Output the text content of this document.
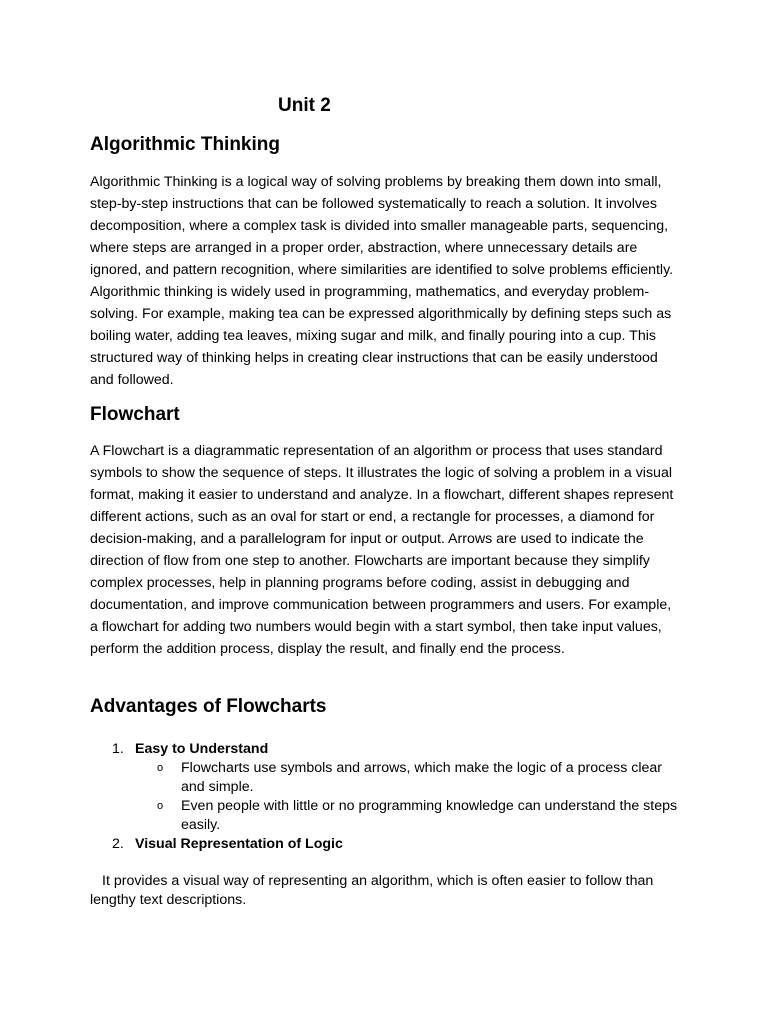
Unit 2
Algorithmic Thinking

Algorithmic Thinking is a logical way of solving problems by breaking them down into small, step-by-step instructions that can be followed systematically to reach a solution. It involves decomposition, where a complex task is divided into smaller manageable parts, sequencing, where steps are arranged in a proper order, abstraction, where unnecessary details are ignored, and pattern recognition, where similarities are identified to solve problems efficiently. Algorithmic thinking is widely used in programming, mathematics, and everyday problem-solving. For example, making tea can be expressed algorithmically by defining steps such as boiling water, adding tea leaves, mixing sugar and milk, and finally pouring into a cup. This structured way of thinking helps in creating clear instructions that can be easily understood and followed.

Flowchart

A Flowchart is a diagrammatic representation of an algorithm or process that uses standard symbols to show the sequence of steps. It illustrates the logic of solving a problem in a visual format, making it easier to understand and analyze. In a flowchart, different shapes represent different actions, such as an oval for start or end, a rectangle for processes, a diamond for decision-making, and a parallelogram for input or output. Arrows are used to indicate the direction of flow from one step to another. Flowcharts are important because they simplify complex processes, help in planning programs before coding, assist in debugging and documentation, and improve communication between programmers and users. For example, a flowchart for adding two numbers would begin with a start symbol, then take input values, perform the addition process, display the result, and finally end the process.

Advantages of Flowcharts
1. Easy to Understand
o Flowcharts use symbols and arrows, which make the logic of a process clear and simple.
o Even people with little or no programming knowledge can understand the steps easily.
2. Visual Representation of Logic

It provides a visual way of representing an algorithm, which is often easier to follow than lengthy text descriptions.
